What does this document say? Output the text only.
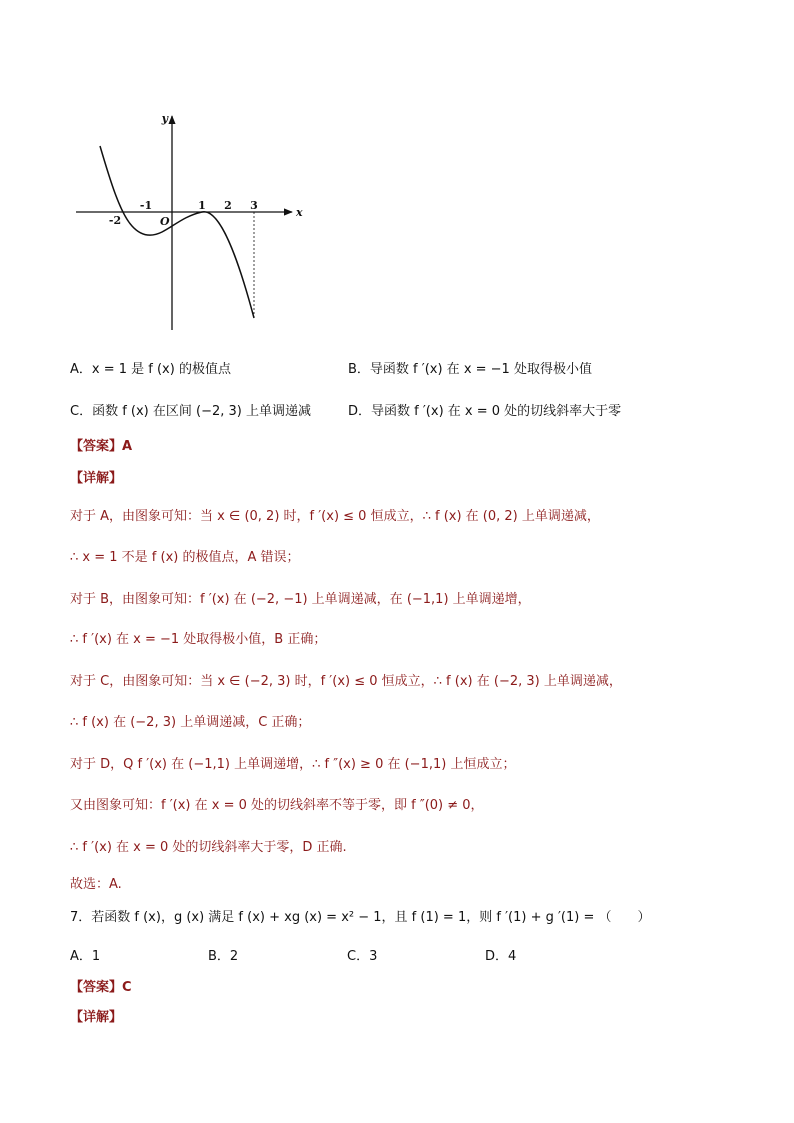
y
x
O
-2
-1	1 2 3
A．x = 1 是 f (x) 的极值点	B．导函数 f ′(x) 在 x = −1 处取得极小值
C．函数 f (x) 在区间 (−2, 3) 上单调递减	D．导函数 f ′(x) 在 x = 0 处的切线斜率大于零
【答案】A
【详解】
对于 A，由图象可知：当 x ∈ (0, 2) 时，f ′(x) ≤ 0 恒成立，∴ f (x) 在 (0, 2) 上单调递减，
∴ x = 1 不是 f (x) 的极值点，A 错误；
对于 B，由图象可知：f ′(x) 在 (−2, −1) 上单调递减，在 (−1,1) 上单调递增，
∴ f ′(x) 在 x = −1 处取得极小值，B 正确；
对于 C，由图象可知：当 x ∈ (−2, 3) 时，f ′(x) ≤ 0 恒成立，∴ f (x) 在 (−2, 3) 上单调递减，
∴ f (x) 在 (−2, 3) 上单调递减，C 正确；
对于 D，Q f ′(x) 在 (−1,1) 上单调递增，∴ f ″(x) ≥ 0 在 (−1,1) 上恒成立；
又由图象可知：f ′(x) 在 x = 0 处的切线斜率不等于零，即 f ″(0) ≠ 0，
∴ f ′(x) 在 x = 0 处的切线斜率大于零，D 正确.
故选：A.
7．若函数 f (x)，g (x) 满足 f (x) + xg (x) = x² − 1，且 f (1) = 1，则 f ′(1) + g ′(1) = （　　）
A．1	B．2	C．3	D．4
【答案】C
【详解】
